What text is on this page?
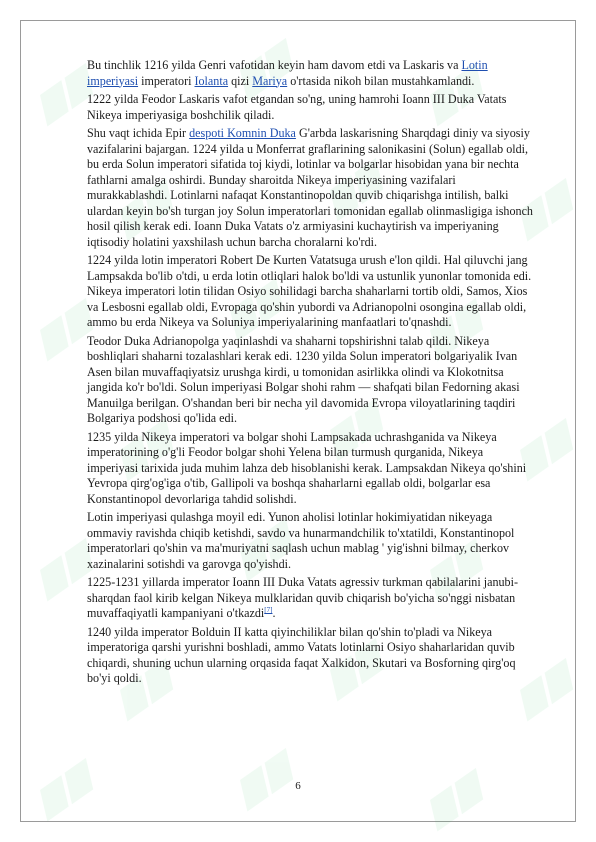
Bu tinchlik 1216 yilda Genri vafotidan keyin ham davom etdi va Laskaris va Lotin imperiyasi imperatori Iolanta qizi Mariya o'rtasida nikoh bilan mustahkamlandi.

1222 yilda Feodor Laskaris vafot etgandan so'ng, uning hamrohi Ioann III Duka Vatats Nikeya imperiyasiga boshchilik qiladi.

Shu vaqt ichida Epir despoti Komnin Duka G'arbda laskarisning Sharqdagi diniy va siyosiy vazifalarini bajargan. 1224 yilda u Monferrat graflarining salonikasini (Solun) egallab oldi, bu erda Solun imperatori sifatida toj kiydi, lotinlar va bolgarlar hisobidan yana bir nechta fathlarni amalga oshirdi. Bunday sharoitda Nikeya imperiyasining vazifalari murakkablashdi. Lotinlarni nafaqat Konstantinopoldan quvib chiqarishga intilish, balki ulardan keyin bo'sh turgan joy Solun imperatorlari tomonidan egallab olinmasligiga ishonch hosil qilish kerak edi. Ioann Duka Vatats o'z armiyasini kuchaytirish va imperiyaning iqtisodiy holatini yaxshilash uchun barcha choralarni ko'rdi.

1224 yilda lotin imperatori Robert De Kurten Vatatsuga urush e'lon qildi. Hal qiluvchi jang Lampsakda bo'lib o'tdi, u erda lotin otliqlari halok bo'ldi va ustunlik yunonlar tomonida edi. Nikeya imperatori lotin tilidan Osiyo sohilidagi barcha shaharlarni tortib oldi, Samos, Xios va Lesbosni egallab oldi, Evropaga qo'shin yubordi va Adrianopolni osongina egallab oldi, ammo bu erda Nikeya va Soluniya imperiyalarining manfaatlari to'qnashdi.

Teodor Duka Adrianopolga yaqinlashdi va shaharni topshirishni talab qildi. Nikeya boshliqlari shaharni tozalashlari kerak edi. 1230 yilda Solun imperatori bolgariyalik Ivan Asen bilan muvaffaqiyatsiz urushga kirdi, u tomonidan asirlikka olindi va Klokotnitsa jangida ko'r bo'ldi. Solun imperiyasi Bolgar shohi rahm — shafqati bilan Fedorning akasi Manuilga berilgan. O'shandan beri bir necha yil davomida Evropa viloyatlarining taqdiri Bolgariya podshosi qo'lida edi.

1235 yilda Nikeya imperatori va bolgar shohi Lampsakada uchrashganida va Nikeya imperatorining o'g'li Feodor bolgar shohi Yelena bilan turmush qurganida, Nikeya imperiyasi tarixida juda muhim lahza deb hisoblanishi kerak. Lampsakdan Nikeya qo'shini Yevropa qirg'og'iga o'tib, Gallipoli va boshqa shaharlarni egallab oldi, bolgarlar esa Konstantinopol devorlariga tahdid solishdi.

Lotin imperiyasi qulashga moyil edi. Yunon aholisi lotinlar hokimiyatidan nikeyaga ommaviy ravishda chiqib ketishdi, savdo va hunarmandchilik to'xtatildi, Konstantinopol imperatorlari qo'shin va ma'muriyatni saqlash uchun mablag ' yig'ishni bilmay, cherkov xazinalarini sotishdi va garovga qo'yishdi.

1225-1231 yillarda imperator Ioann III Duka Vatats agressiv turkman qabilalarini janubi-sharqdan faol kirib kelgan Nikeya mulklaridan quvib chiqarish bo'yicha so'nggi nisbatan muvaffaqiyatli kampaniyani o'tkazdi[7].

1240 yilda imperator Bolduin II katta qiyinchiliklar bilan qo'shin to'pladi va Nikeya imperatoriga qarshi yurishni boshladi, ammo Vatats lotinlarni Osiyo shaharlaridan quvib chiqardi, shuning uchun ularning orqasida faqat Xalkidon, Skutari va Bosforning qirg'oq bo'yi qoldi.

6
